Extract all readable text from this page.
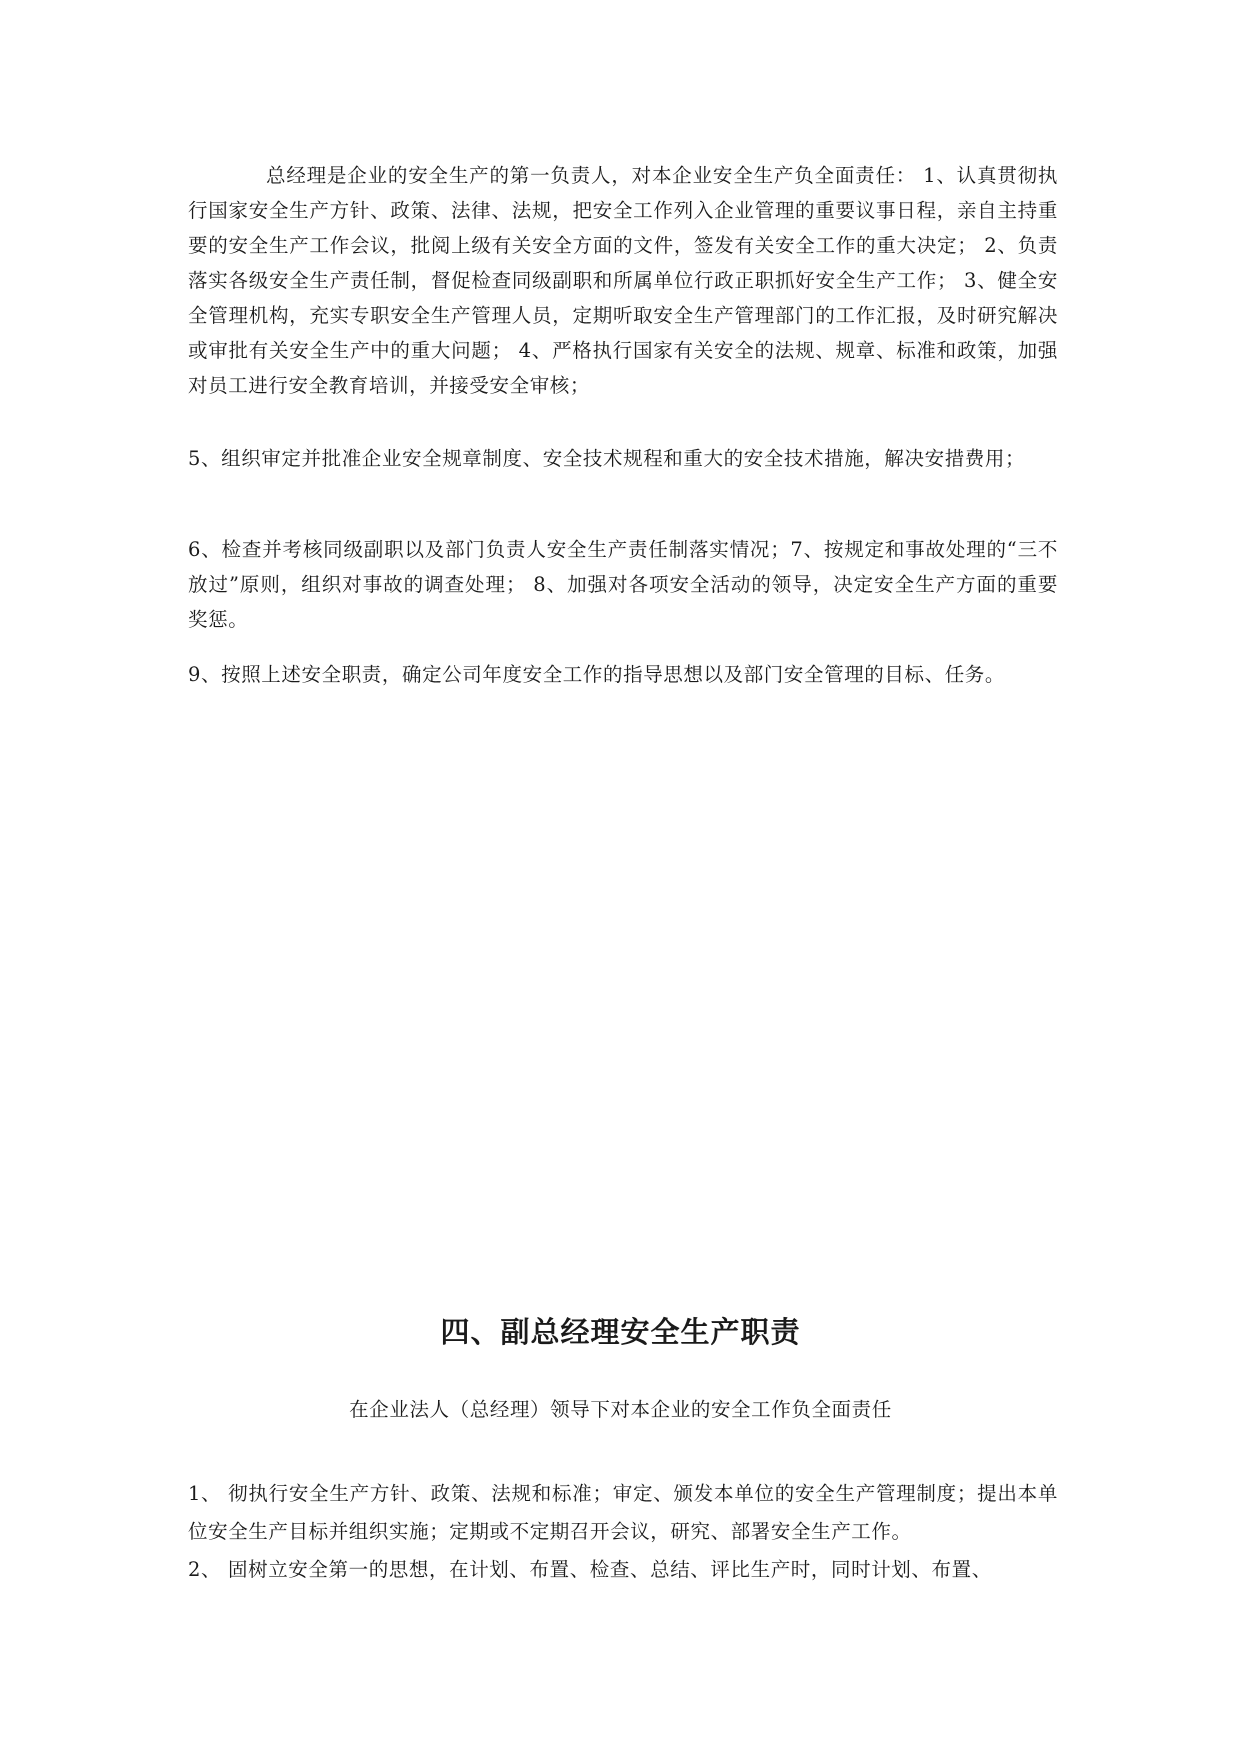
总经理是企业的安全生产的第一负责人，对本企业安全生产负全面责任： 1、认真贯彻执行国家安全生产方针、政策、法律、法规，把安全工作列入企业管理的重要议事日程，亲自主持重要的安全生产工作会议，批阅上级有关安全方面的文件，签发有关安全工作的重大决定； 2、负责落实各级安全生产责任制，督促检查同级副职和所属单位行政正职抓好安全生产工作； 3、健全安全管理机构，充实专职安全生产管理人员，定期听取安全生产管理部门的工作汇报，及时研究解决或审批有关安全生产中的重大问题； 4、严格执行国家有关安全的法规、规章、标准和政策，加强对员工进行安全教育培训，并接受安全审核；

5、组织审定并批准企业安全规章制度、安全技术规程和重大的安全技术措施，解决安措费用；

6、检查并考核同级副职以及部门负责人安全生产责任制落实情况；7、按规定和事故处理的“三不放过”原则，组织对事故的调查处理； 8、加强对各项安全活动的领导，决定安全生产方面的重要奖惩。

9、按照上述安全职责，确定公司年度安全工作的指导思想以及部门安全管理的目标、任务。

四、副总经理安全生产职责

在企业法人（总经理）领导下对本企业的安全工作负全面责任

1、 彻执行安全生产方针、政策、法规和标准；审定、颁发本单位的安全生产管理制度；提出本单位安全生产目标并组织实施；定期或不定期召开会议，研究、部署安全生产工作。

2、 固树立安全第一的思想，在计划、布置、检查、总结、评比生产时，同时计划、布置、
